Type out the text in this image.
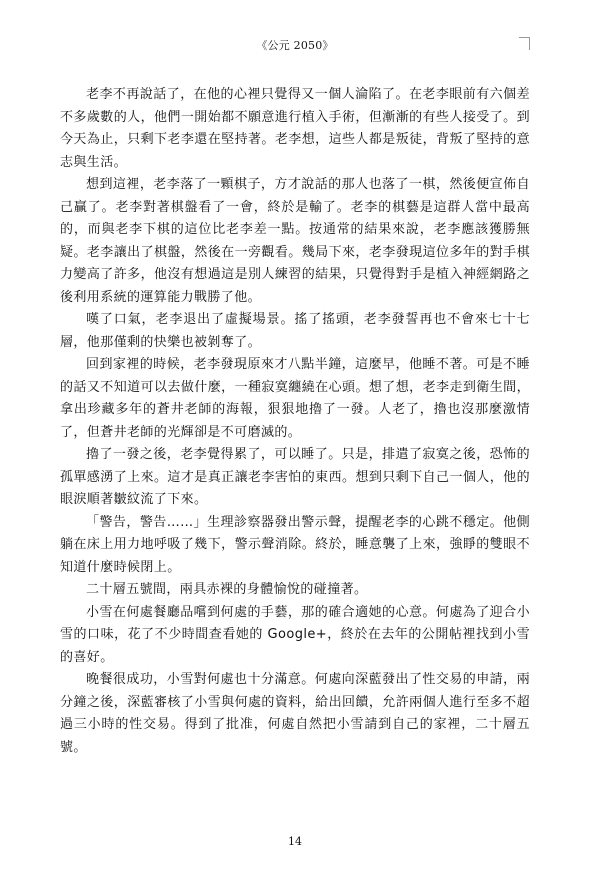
《公元 2050》

老李不再說話了，在他的心裡只覺得又一個人淪陷了。在老李眼前有六個差不多歲數的人，他們一開始都不願意進行植入手術，但漸漸的有些人接受了。到今天為止，只剩下老李還在堅持著。老李想，這些人都是叛徒，背叛了堅持的意志與生活。

想到這裡，老李落了一顆棋子，方才說話的那人也落了一棋，然後便宣佈自己贏了。老李對著棋盤看了一會，終於是輸了。老李的棋藝是這群人當中最高的，而與老李下棋的這位比老李差一點。按通常的結果來說，老李應該獲勝無疑。老李讓出了棋盤，然後在一旁觀看。幾局下來，老李發現這位多年的對手棋力變高了許多，他沒有想過這是別人練習的結果，只覺得對手是植入神經網路之後利用系統的運算能力戰勝了他。

嘆了口氣，老李退出了虛擬場景。搖了搖頭，老李發誓再也不會來七十七層，他那僅剩的快樂也被剝奪了。

回到家裡的時候，老李發現原來才八點半鐘，這麼早，他睡不著。可是不睡的話又不知道可以去做什麼，一種寂寞纏繞在心頭。想了想，老李走到衛生間，拿出珍藏多年的蒼井老師的海報，狠狠地擼了一發。人老了，擼也沒那麼激情了，但蒼井老師的光輝卻是不可磨滅的。

擼了一發之後，老李覺得累了，可以睡了。只是，排遣了寂寞之後，恐怖的孤單感湧了上來。這才是真正讓老李害怕的東西。想到只剩下自己一個人，他的眼淚順著皺紋流了下來。

「警告，警告……」生理診察器發出警示聲，提醒老李的心跳不穩定。他側躺在床上用力地呼吸了幾下，警示聲消除。終於，睡意襲了上來，強睜的雙眼不知道什麼時候閉上。

二十層五號間，兩具赤裸的身體愉悅的碰撞著。

小雪在何處餐廳品嚐到何處的手藝，那的確合適她的心意。何處為了迎合小雪的口味，花了不少時間查看她的 Google+，終於在去年的公開帖裡找到小雪的喜好。

晚餐很成功，小雪對何處也十分滿意。何處向深藍發出了性交易的申請，兩分鐘之後，深藍審核了小雪與何處的資料，給出回饋，允許兩個人進行至多不超過三小時的性交易。得到了批准，何處自然把小雪請到自己的家裡，二十層五號。

14
